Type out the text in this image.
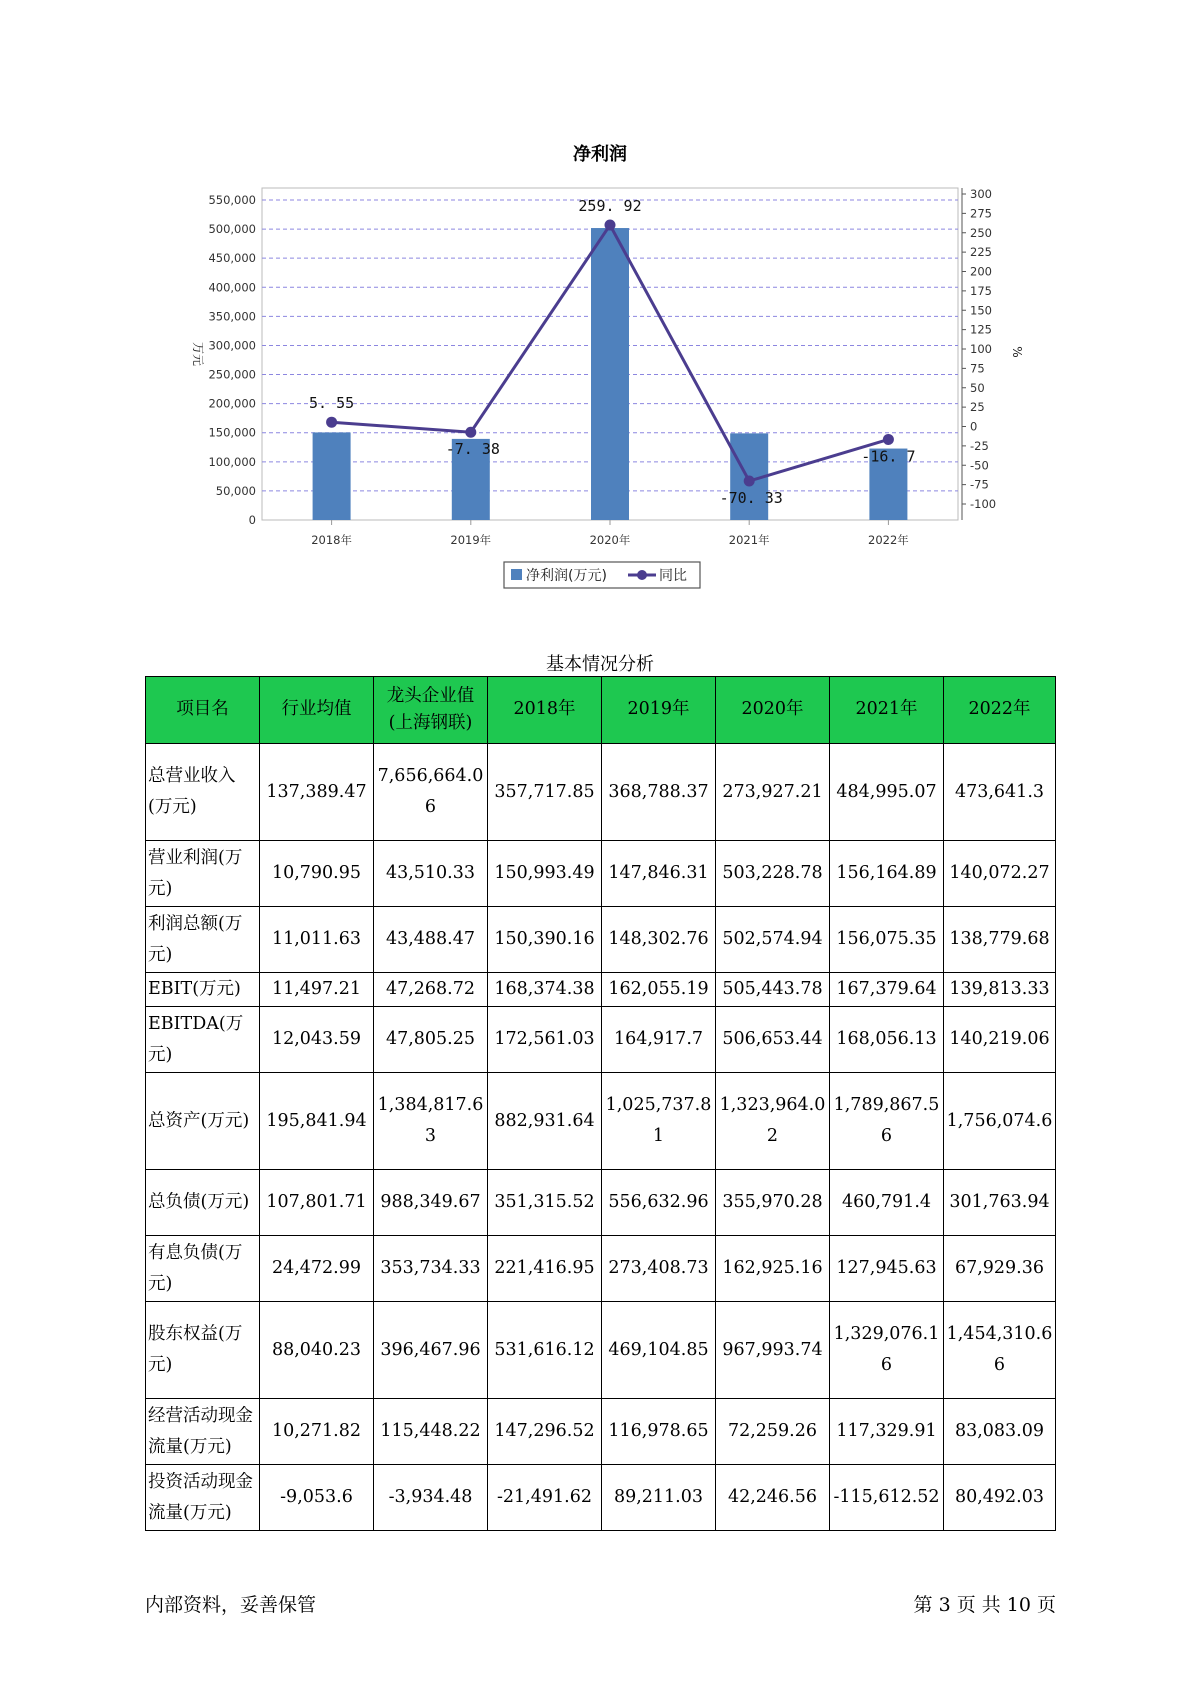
净利润
0
50,000
100,000
150,000
200,000
250,000
300,000
350,000
400,000
450,000
500,000
550,000
-100
-75
-50
-25
0
25
50
75
100
125
150
175
200
225
250
275
300
万元	%
2018年	2019年	2020年	2021年	2022年
5. 55
-7. 38
259. 92
-70. 33
-16. 7
净利润(万元)	同比
基本情况分析
项目名	行业均值	龙头企业值(上海钢联)	2018年	2019年	2020年	2021年	2022年
总营业收入(万元)	137,389.47	7,656,664.06	357,717.85	368,788.37	273,927.21	484,995.07	473,641.3
营业利润(万元)	10,790.95	43,510.33	150,993.49	147,846.31	503,228.78	156,164.89	140,072.27
利润总额(万元)	11,011.63	43,488.47	150,390.16	148,302.76	502,574.94	156,075.35	138,779.68
EBIT(万元)	11,497.21	47,268.72	168,374.38	162,055.19	505,443.78	167,379.64	139,813.33
EBITDA(万元)	12,043.59	47,805.25	172,561.03	164,917.7	506,653.44	168,056.13	140,219.06
总资产(万元)	195,841.94	1,384,817.63	882,931.64	1,025,737.81	1,323,964.02	1,789,867.56	1,756,074.6
总负债(万元)	107,801.71	988,349.67	351,315.52	556,632.96	355,970.28	460,791.4	301,763.94
有息负债(万元)	24,472.99	353,734.33	221,416.95	273,408.73	162,925.16	127,945.63	67,929.36
股东权益(万元)	88,040.23	396,467.96	531,616.12	469,104.85	967,993.74	1,329,076.16	1,454,310.66
经营活动现金流量(万元)	10,271.82	115,448.22	147,296.52	116,978.65	72,259.26	117,329.91	83,083.09
投资活动现金流量(万元)	-9,053.6	-3,934.48	-21,491.62	89,211.03	42,246.56	-115,612.52	80,492.03
内部资料，妥善保管	第 3 页 共 10 页
